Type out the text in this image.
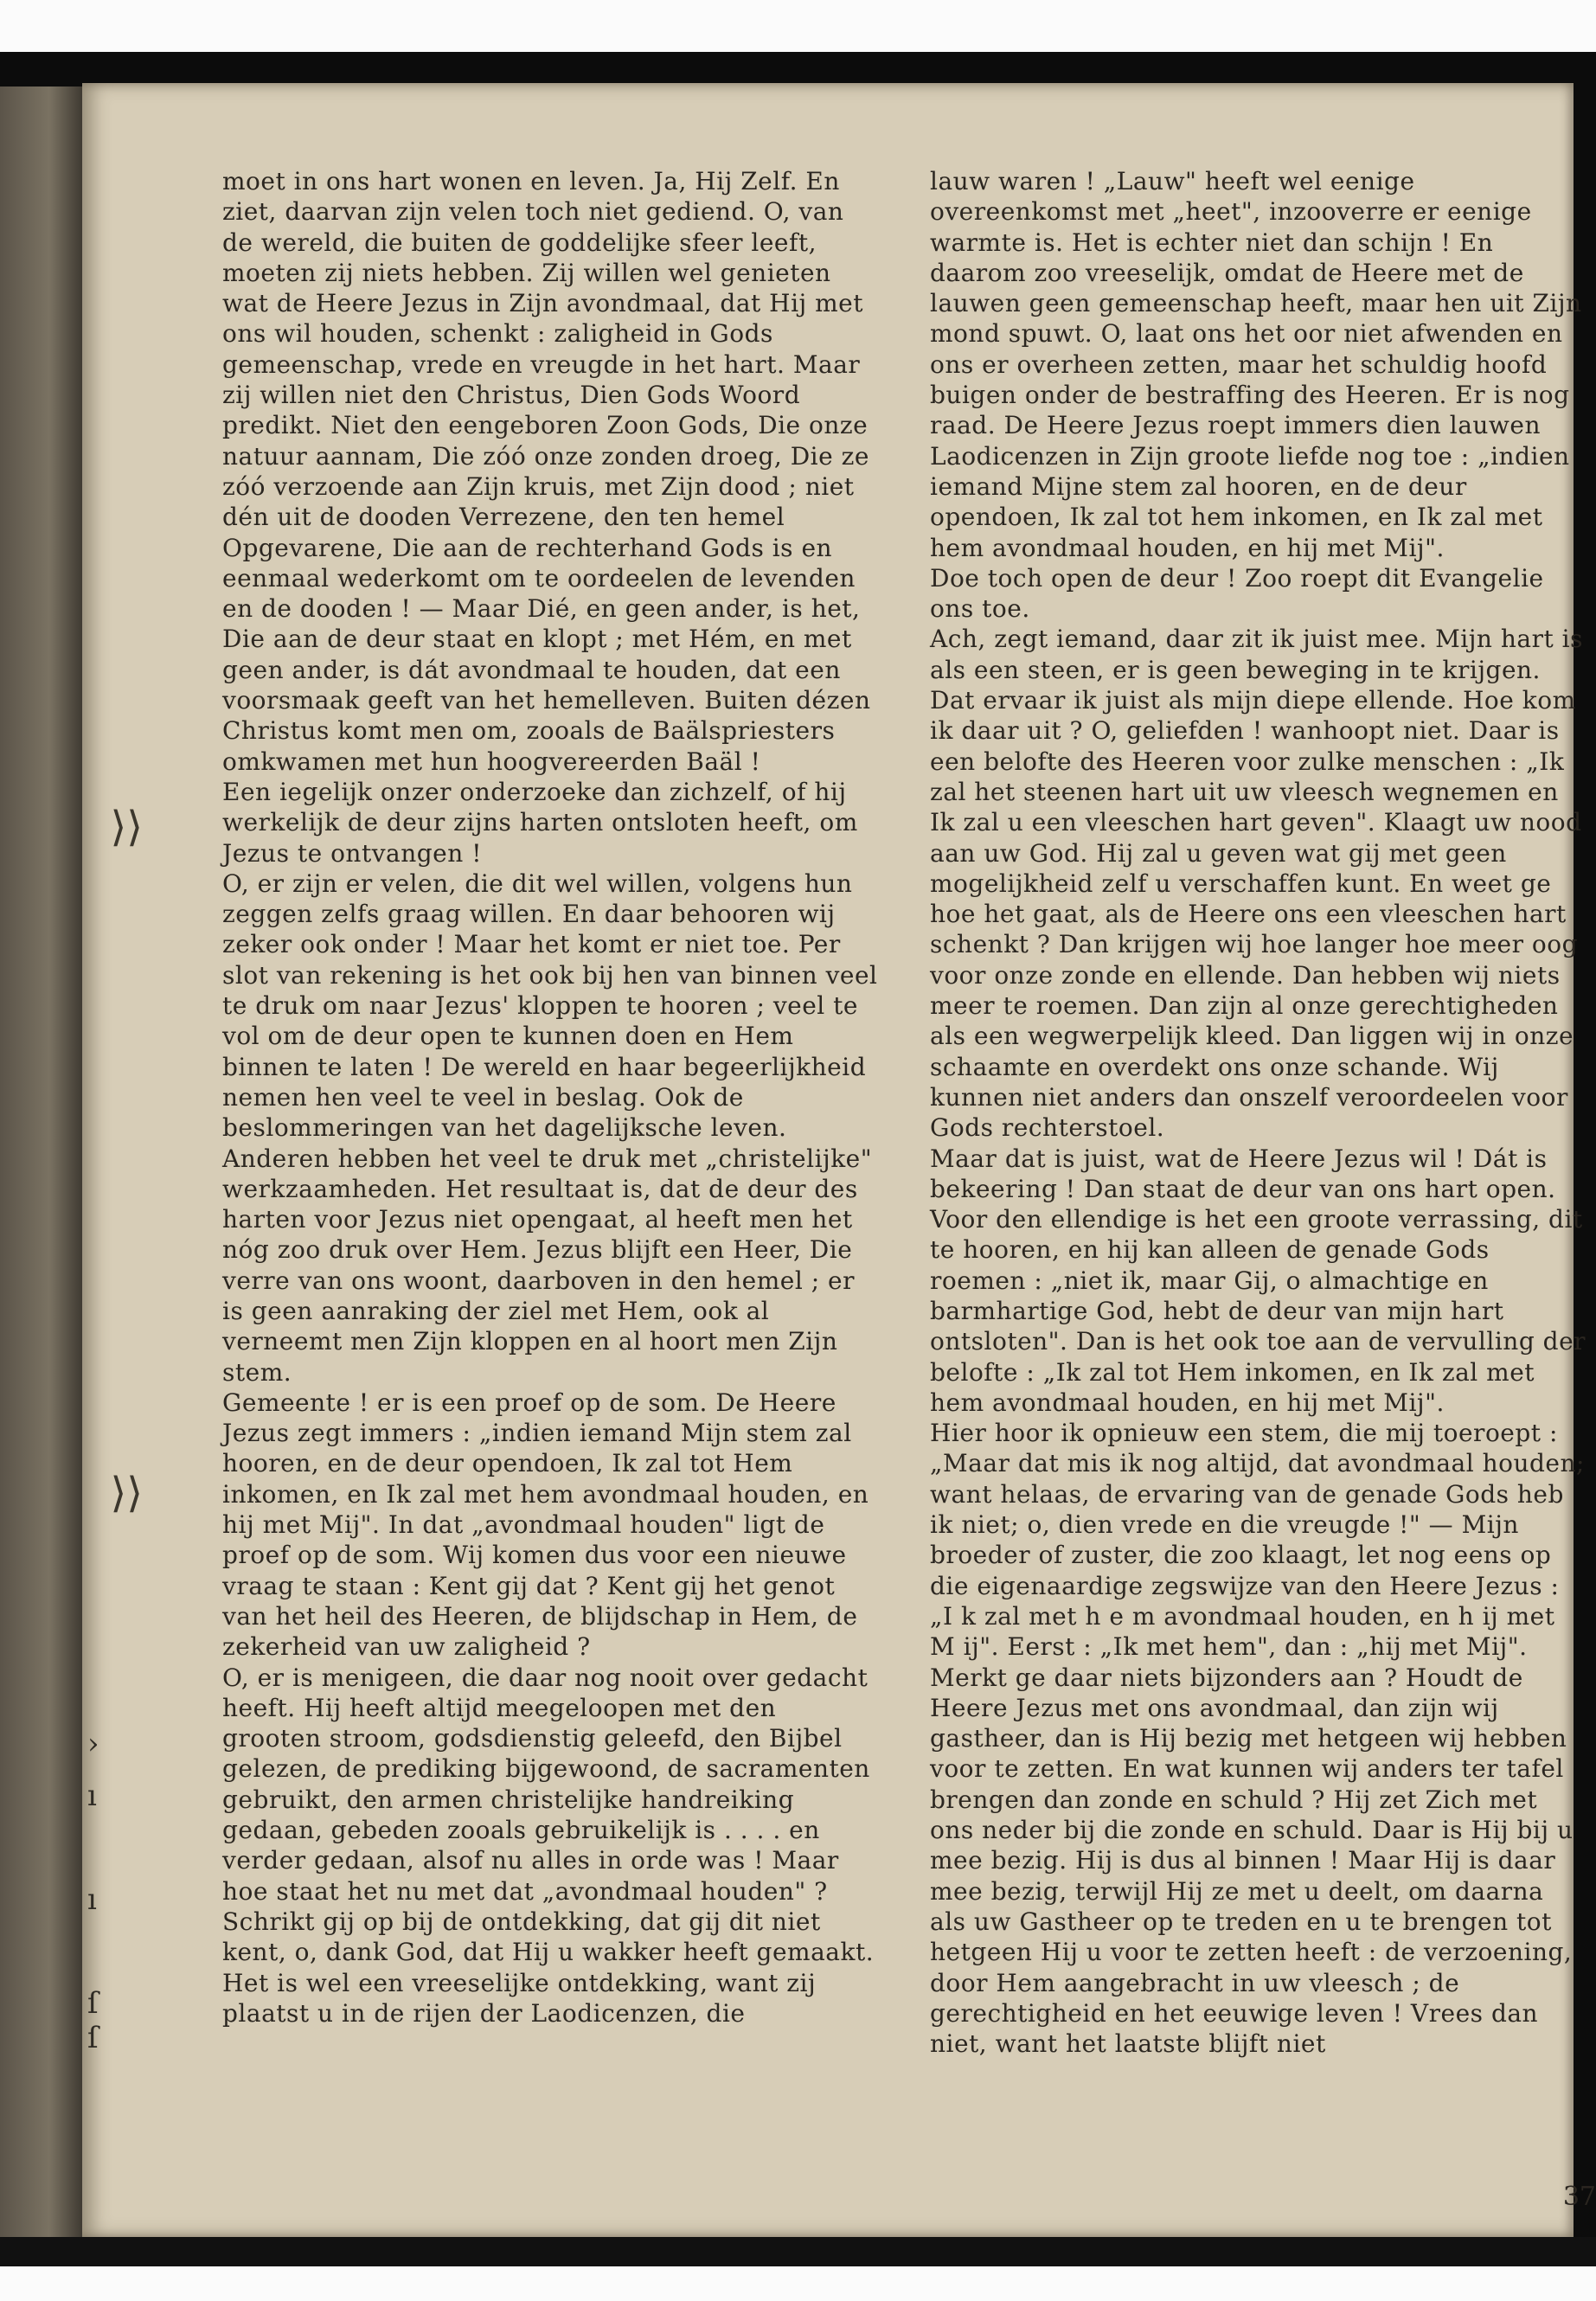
⟩⟩
⟩⟩
›
ı
ı
ſ
ſ

moet in ons hart wonen en leven. Ja, Hij Zelf. En ziet, daarvan zijn velen toch niet gediend. O, van de wereld, die buiten de goddelijke sfeer leeft, moeten zij niets hebben. Zij willen wel genieten wat de Heere Jezus in Zijn avondmaal, dat Hij met ons wil houden, schenkt : zaligheid in Gods gemeenschap, vrede en vreugde in het hart. Maar zij willen niet den Christus, Dien Gods Woord predikt. Niet den eengeboren Zoon Gods, Die onze natuur aannam, Die zóó onze zonden droeg, Die ze zóó verzoende aan Zijn kruis, met Zijn dood ; niet dén uit de dooden Verrezene, den ten hemel Opgevarene, Die aan de rechterhand Gods is en eenmaal wederkomt om te oordeelen de levenden en de dooden ! — Maar Dié, en geen ander, is het, Die aan de deur staat en klopt ; met Hém, en met geen ander, is dát avondmaal te houden, dat een voorsmaak geeft van het hemelleven. Buiten dézen Christus komt men om, zooals de Baälspriesters omkwamen met hun hoogvereerden Baäl !

Een iegelijk onzer onderzoeke dan zichzelf, of hij werkelijk de deur zijns harten ontsloten heeft, om Jezus te ontvangen !

O, er zijn er velen, die dit wel willen, volgens hun zeggen zelfs graag willen. En daar behooren wij zeker ook onder ! Maar het komt er niet toe. Per slot van rekening is het ook bij hen van binnen veel te druk om naar Jezus' kloppen te hooren ; veel te vol om de deur open te kunnen doen en Hem binnen te laten ! De wereld en haar begeerlijkheid nemen hen veel te veel in beslag. Ook de beslommeringen van het dagelijksche leven. Anderen hebben het veel te druk met „christelijke" werkzaamheden. Het resultaat is, dat de deur des harten voor Jezus niet opengaat, al heeft men het nóg zoo druk over Hem. Jezus blijft een Heer, Die verre van ons woont, daarboven in den hemel ; er is geen aanraking der ziel met Hem, ook al verneemt men Zijn kloppen en al hoort men Zijn stem.

Gemeente ! er is een proef op de som. De Heere Jezus zegt immers : „indien iemand Mijn stem zal hooren, en de deur opendoen, Ik zal tot Hem inkomen, en Ik zal met hem avondmaal houden, en hij met Mij". In dat „avondmaal houden" ligt de proef op de som. Wij komen dus voor een nieuwe vraag te staan : Kent gij dat ? Kent gij het genot van het heil des Heeren, de blijdschap in Hem, de zekerheid van uw zaligheid ?

O, er is menigeen, die daar nog nooit over gedacht heeft. Hij heeft altijd meegeloopen met den grooten stroom, godsdienstig geleefd, den Bijbel gelezen, de prediking bijgewoond, de sacramenten gebruikt, den armen christelijke handreiking gedaan, gebeden zooals gebruikelijk is . . . . en verder gedaan, alsof nu alles in orde was ! Maar hoe staat het nu met dat „avondmaal houden" ? Schrikt gij op bij de ontdekking, dat gij dit niet kent, o, dank God, dat Hij u wakker heeft gemaakt. Het is wel een vreeselijke ontdekking, want zij plaatst u in de rijen der Laodicenzen, die

lauw waren ! „Lauw" heeft wel eenige overeenkomst met „heet", inzooverre er eenige warmte is. Het is echter niet dan schijn ! En daarom zoo vreeselijk, omdat de Heere met de lauwen geen gemeenschap heeft, maar hen uit Zijn mond spuwt. O, laat ons het oor niet afwenden en ons er overheen zetten, maar het schuldig hoofd buigen onder de bestraffing des Heeren. Er is nog raad. De Heere Jezus roept immers dien lauwen Laodicenzen in Zijn groote liefde nog toe : „indien iemand Mijne stem zal hooren, en de deur opendoen, Ik zal tot hem inkomen, en Ik zal met hem avondmaal houden, en hij met Mij".

Doe toch open de deur ! Zoo roept dit Evangelie ons toe.

Ach, zegt iemand, daar zit ik juist mee. Mijn hart is als een steen, er is geen beweging in te krijgen. Dat ervaar ik juist als mijn diepe ellende. Hoe kom ik daar uit ? O, geliefden ! wanhoopt niet. Daar is een belofte des Heeren voor zulke menschen : „Ik zal het steenen hart uit uw vleesch wegnemen en Ik zal u een vleeschen hart geven". Klaagt uw nood aan uw God. Hij zal u geven wat gij met geen mogelijkheid zelf u verschaffen kunt. En weet ge hoe het gaat, als de Heere ons een vleeschen hart schenkt ? Dan krijgen wij hoe langer hoe meer oog voor onze zonde en ellende. Dan hebben wij niets meer te roemen. Dan zijn al onze gerechtigheden als een wegwerpelijk kleed. Dan liggen wij in onze schaamte en overdekt ons onze schande. Wij kunnen niet anders dan onszelf veroordeelen voor Gods rechterstoel.

Maar dat is juist, wat de Heere Jezus wil ! Dát is bekeering ! Dan staat de deur van ons hart open. Voor den ellendige is het een groote verrassing, dit te hooren, en hij kan alleen de genade Gods roemen : „niet ik, maar Gij, o almachtige en barmhartige God, hebt de deur van mijn hart ontsloten". Dan is het ook toe aan de vervulling der belofte : „Ik zal tot Hem inkomen, en Ik zal met hem avondmaal houden, en hij met Mij".

Hier hoor ik opnieuw een stem, die mij toeroept : „Maar dat mis ik nog altijd, dat avondmaal houden; want helaas, de ervaring van de genade Gods heb ik niet; o, dien vrede en die vreugde !" — Mijn broeder of zuster, die zoo klaagt, let nog eens op die eigenaardige zegswijze van den Heere Jezus : „I k zal met h e m avondmaal houden, en h ij met M ij". Eerst : „Ik met hem", dan : „hij met Mij". Merkt ge daar niets bijzonders aan ? Houdt de Heere Jezus met ons avondmaal, dan zijn wij gastheer, dan is Hij bezig met hetgeen wij hebben voor te zetten. En wat kunnen wij anders ter tafel brengen dan zonde en schuld ? Hij zet Zich met ons neder bij die zonde en schuld. Daar is Hij bij u mee bezig. Hij is dus al binnen ! Maar Hij is daar mee bezig, terwijl Hij ze met u deelt, om daarna als uw Gastheer op te treden en u te brengen tot hetgeen Hij u voor te zetten heeft : de verzoening, door Hem aangebracht in uw vleesch ; de gerechtigheid en het eeuwige leven ! Vrees dan niet, want het laatste blijft niet

37
